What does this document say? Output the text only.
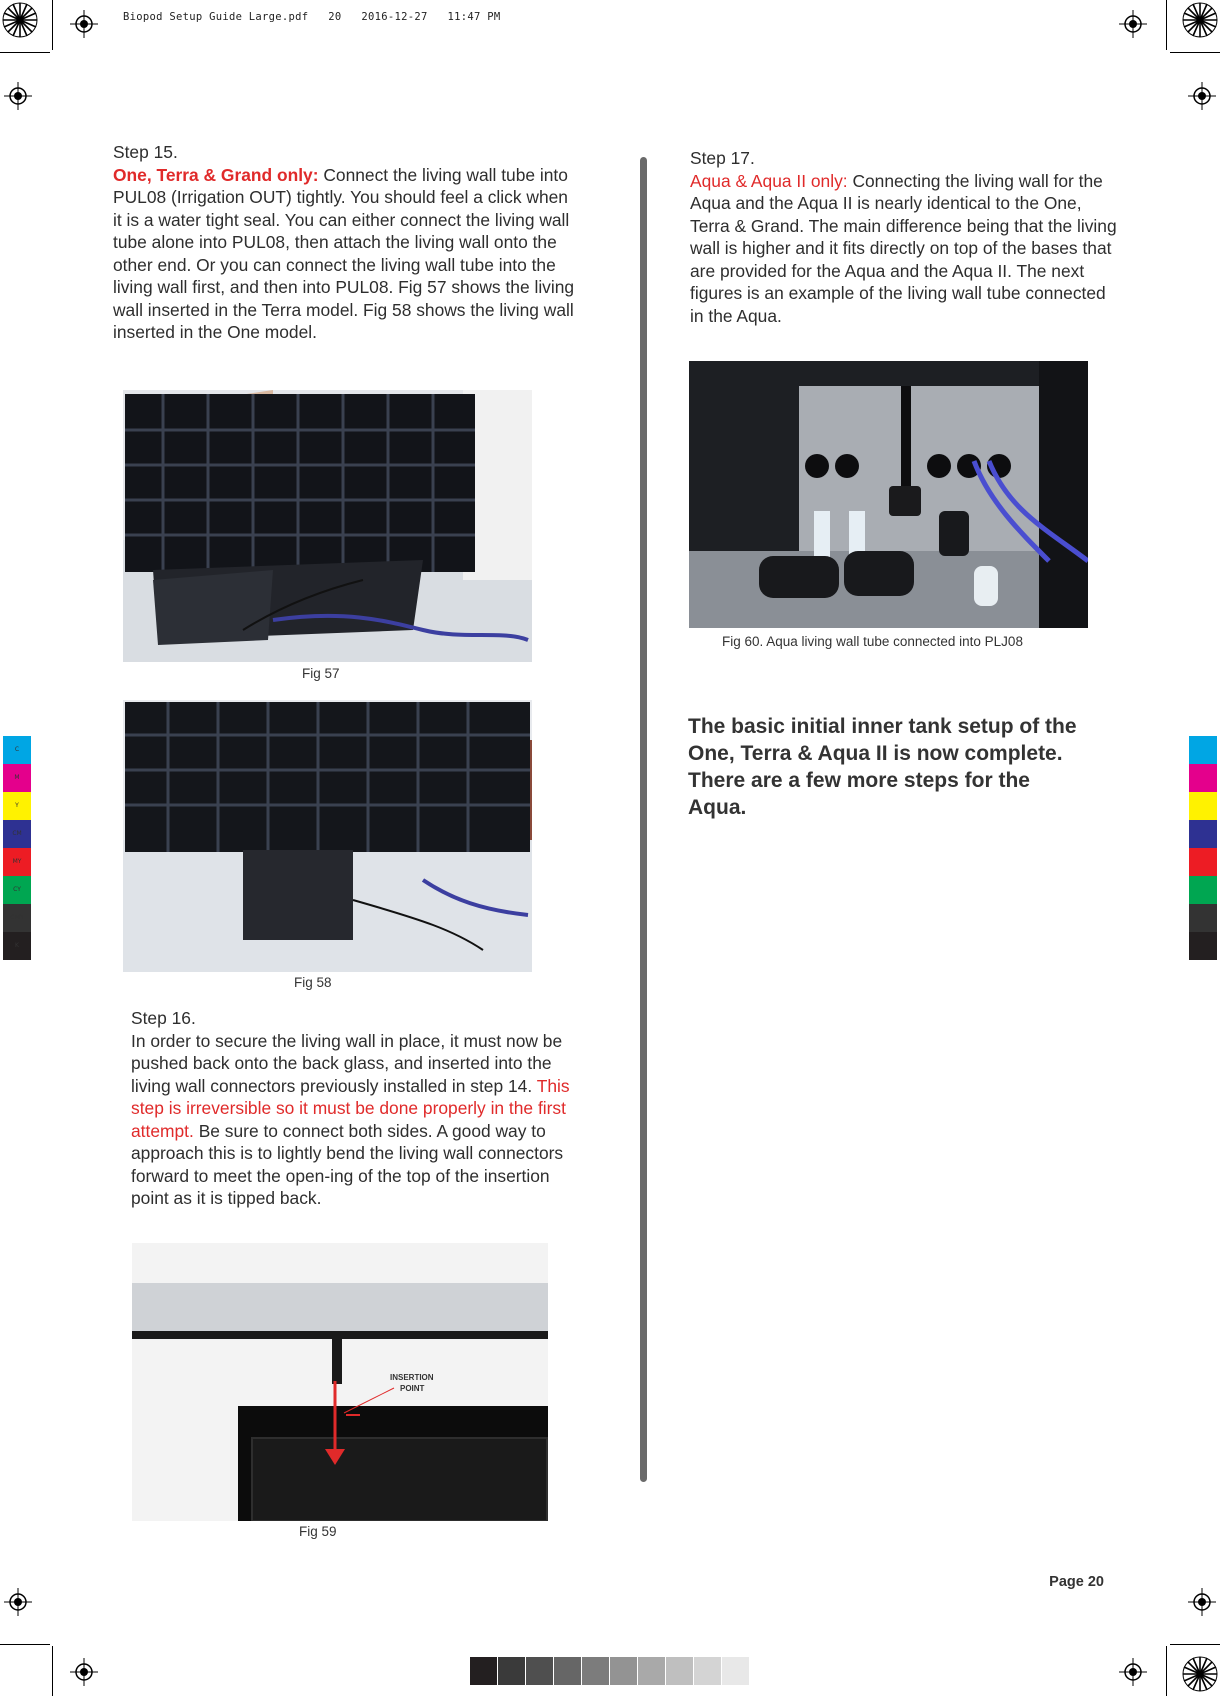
Biopod Setup Guide Large.pdf 20 2016-12-27 11:47 PM
C
M
Y
CM
MY
CY
CMY
K
Step 15.
One, Terra & Grand only: Connect the living wall tube into PUL08 (Irrigation OUT) tightly. You should feel a click when it is a water tight seal. You can either connect the living wall tube alone into PUL08, then attach the living wall onto the other end. Or you can connect the living wall tube into the living wall first, and then into PUL08. Fig 57 shows the living wall inserted in the Terra model. Fig 58 shows the living wall inserted in the One model.
Fig 57
Fig 58
Step 16.
In order to secure the living wall in place, it must now be pushed back onto the back glass, and inserted into the living wall connectors previously installed in step 14. This step is irreversible so it must be done properly in the first attempt. Be sure to connect both sides. A good way to approach this is to lightly bend the living wall connectors forward to meet the open-ing of the top of the insertion point as it is tipped back.
INSERTION
POINT
Fig 59
Step 17.
Aqua & Aqua II only: Connecting the living wall for the Aqua and the Aqua II is nearly identical to the One, Terra & Grand. The main difference being that the living wall is higher and it fits directly on top of the bases that are provided for the Aqua and the Aqua II. The next figures is an example of the living wall tube connected in the Aqua.
Fig 60. Aqua living wall tube connected into PLJ08
The basic initial inner tank setup of the One, Terra & Aqua II is now complete. There are a few more steps for the Aqua.
Page 20
